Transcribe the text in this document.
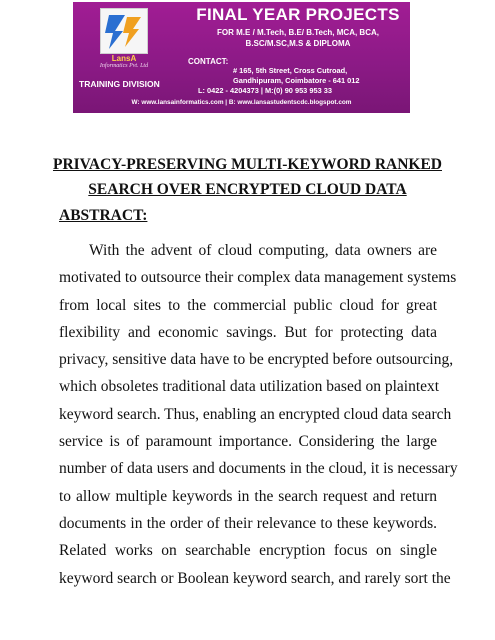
LansA
Informatics Pvt. Ltd
TRAINING DIVISION
FINAL YEAR PROJECTS
FOR M.E / M.Tech, B.E/ B.Tech, MCA, BCA,
B.SC/M.SC,M.S & DIPLOMA
CONTACT:
# 165, 5th Street, Cross Cutroad,
Gandhipuram, Coimbatore - 641 012
L: 0422 - 4204373 | M:(0) 90 953 953 33
W: www.lansainformatics.com | B: www.lansastudentscdc.blogspot.com
PRIVACY-PRESERVING MULTI-KEYWORD RANKED
SEARCH OVER ENCRYPTED CLOUD DATA
ABSTRACT:
With the advent of cloud computing, data owners are
motivated to outsource their complex data management systems
from local sites to the commercial public cloud for great
flexibility and economic savings. But for protecting data
privacy, sensitive data have to be encrypted before outsourcing,
which obsoletes traditional data utilization based on plaintext
keyword search. Thus, enabling an encrypted cloud data search
service is of paramount importance. Considering the large
number of data users and documents in the cloud, it is necessary
to allow multiple keywords in the search request and return
documents in the order of their relevance to these keywords.
Related works on searchable encryption focus on single
keyword search or Boolean keyword search, and rarely sort the
